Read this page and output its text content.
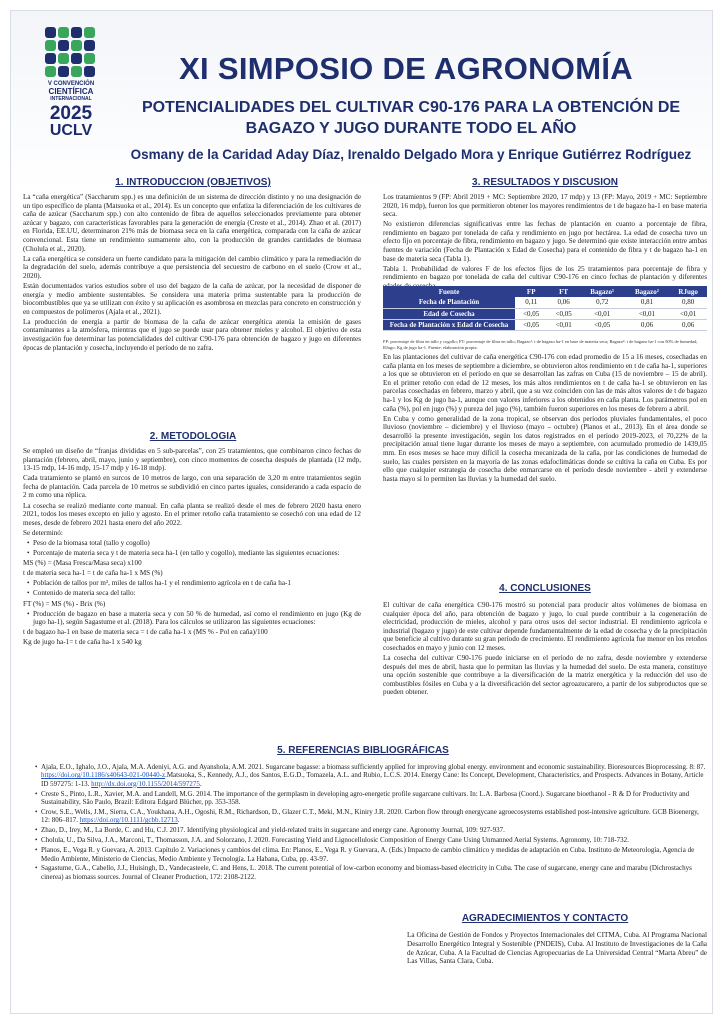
V CONVENCIÓN
CIENTÍFICA
INTERNACIONAL
2025
UCLV
XI SIMPOSIO DE AGRONOMÍA
POTENCIALIDADES DEL CULTIVAR C90-176 PARA LA OBTENCIÓN DE
BAGAZO Y JUGO DURANTE TODO EL AÑO
Osmany de la Caridad Aday Díaz, Irenaldo Delgado Mora y Enrique Gutiérrez Rodríguez
1. INTRODUCCION (OBJETIVOS)

La “caña energética” (Saccharum spp.) es una definición de un sistema de dirección distinto y no una designación de un tipo específico de planta (Matsuoka et al., 2014). Es un concepto que enfatiza la diferenciación de los cultivares de caña de azúcar (Saccharum spp.) con alto contenido de fibra de aquellos seleccionados previamente para obtener azúcar y bagazo, con características favorables para la generación de energía (Creste et al., 2014). Zhao et al. (2017) en Florida, EE.UU, determinaron 21% más de biomasa seca en la caña energética, comparada con la caña de azúcar convencional. Esta tiene un rendimiento sumamente alto, con la producción de grandes cantidades de biomasa (Cholula et al., 2020).

La caña energética se considera un fuerte candidato para la mitigación del cambio climático y para la remediación de la degradación del suelo, además contribuye a que persistencia del secuestro de carbono en el suelo (Crow et al., 2020).

Están documentados varios estudios sobre el uso del bagazo de la caña de azúcar, por la necesidad de disponer de energía y medio ambiente sustentables. Se considera una materia prima sustentable para la producción de biocombustibles que ya se utilizan con éxito y su aplicación es asombrosa en mezclas para concreto en construcción y en compuestos de polímeros (Ajala et al., 2021).

La producción de energía a partir de biomasa de la caña de azúcar energética atenúa la emisión de gases contaminantes a la atmósfera, mientras que el jugo se puede usar para obtener mieles y alcohol. El objetivo de esta investigación fue determinar las potencialidades del cultivar C90-176 para obtención de bagazo y jugo en diferentes épocas de plantación y cosecha, incluyendo el período de no zafra.

2. METODOLOGIA

Se empleó un diseño de “franjas divididas en 5 sub-parcelas”, con 25 tratamientos, que combinaron cinco fechas de plantación (febrero, abril, mayo, junio y septiembre), con cinco momentos de cosecha después de plantada (12 mdp, 13-15 mdp, 14-16 mdp, 15-17 mdp y 16-18 mdp).

Cada tratamiento se plantó en surcos de 10 metros de largo, con una separación de 3,20 m entre tratamientos según fecha de plantación. Cada parcela de 10 metros se subdividió en cinco partes iguales, considerando a cada espacio de 2 m como una réplica.

La cosecha se realizó mediante corte manual. En caña planta se realizó desde el mes de febrero 2020 hasta enero 2021, todos los meses excepto en julio y agosto. En el primer retoño caña tratamiento se cosechó con una edad de 12 meses, desde de febrero 2021 hasta enero del año 2022.

Se determinó:

• Peso de la biomasa total (tallo y cogollo)
• Porcentaje de materia seca y t de materia seca ha-1 (en tallo y cogollo), mediante las siguientes ecuaciones:
MS (%) = (Masa Fresca/Masa seca) x100
t de materia seca ha-1 = t de caña ha-1 x MS (%)
• Población de tallos por m², miles de tallos ha-1 y el rendimiento agrícola en t de caña ha-1
• Contenido de materia seca del tallo:
FT (%) = MS (%) - Brix (%)
• Producción de bagazo en base a materia seca y con 50 % de humedad, así como el rendimiento en jugo (Kg de jugo ha-1), según Sagastume et al. (2018). Para los cálculos se utilizaron las siguientes ecuaciones:
t de bagazo ha-1 en base de materia seca = t de caña ha-1 x (MS % - Pol en caña)/100
Kg de jugo ha-1= t de caña ha-1 x 540 kg
3. RESULTADOS Y DISCUSION

Los tratamientos 9 (FP: Abril 2019 + MC: Septiembre 2020, 17 mdp) y 13 (FP: Mayo, 2019 + MC: Septiembre 2020, 16 mdp), fueron los que permitieron obtener los mayores rendimientos de t de bagazo ha-1 en base materia seca.

No existieron diferencias significativas entre las fechas de plantación en cuanto a porcentaje de fibra, rendimiento en bagazo por tonelada de caña y rendimiento en jugo por hectárea. La edad de cosecha tuvo un efecto fijo en porcentaje de fibra, rendimiento en bagazo y jugo. Se determinó que existe interacción entre ambas fuentes de variación (Fecha de Plantación x Edad de Cosecha) para el contenido de fibra y t de bagazo ha-1 en base de materia seca (Tabla 1).

Tabla 1. Probabilidad de valores F de los efectos fijos de los 25 tratamientos para porcentaje de fibra y rendimiento en bagazo por tonelada de caña del cultivar C90-176 en cinco fechas de plantación y diferentes

Fuente	FP	FT	Bagazo¹	Bagazo²	RJugo
Fecha de Plantación	0,11	0,06	0,72	0,81	0,80
Edad de Cosecha	<0,05	<0,05	<0,01	<0,01	<0,01
Fecha de Plantación x Edad de Cosecha	<0,05	<0,01	<0,05	0,06	0,06
FP: porcentaje de fibra en tallo y cogollo; FT: porcentaje de fibra en tallo; Bagazo¹: t de bagazo ha-1 en base de materia seca; Bagazo²: t de bagazo ha-1 con 50% de humedad, RJugo: Kg de jugo ha-1. Fuente: elaboración propia.

En las plantaciones del cultivar de caña energética C90-176 con edad promedio de 15 a 16 meses, cosechadas en caña planta en los meses de septiembre a diciembre, se obtuvieron altos rendimiento en t de caña ha-1, superiores a los que se obtuvieron en el período en que se desarrollan las zafras en Cuba (15 de noviembre – 15 de abril). En el primer retoño con edad de 12 meses, los más altos rendimientos en t de caña ha-1 se obtuvieron en las parcelas cosechadas en febrero, marzo y abril, que a su vez coinciden con las de más altos valores de t de bagazo ha-1 y los Kg de jugo ha-1, aunque con valores inferiores a los obtenidos en caña planta. Los parámetros pol en caña (%), pol en jugo (%) y pureza del jugo (%), también fueron superiores en los meses de febrero a abril.

En Cuba y como generalidad de la zona tropical, se observan dos períodos pluviales fundamentales, el poco lluvioso (noviembre – diciembre) y el lluvioso (mayo – octubre) (Planos et al., 2013). En el área donde se desarrolló la presente investigación, según los datos registrados en el período 2019-2023, el 70,22% de la precipitación anual tiene lugar durante los meses de mayo a septiembre, con acumulado promedio de 1439,05 mm. En esos meses se hace muy difícil la cosecha mecanizada de la caña, por las condiciones de humedad de suelo, las cuales persisten en la mayoría de las zonas edafoclimáticas donde se cultiva la caña en Cuba. Es por ello que cualquier estrategia de cosecha debe enmarcarse en el período desde noviembre - abril y extenderse hasta mayo si lo permiten las lluvias y la humedad del suelo.

4. CONCLUSIONES

El cultivar de caña energética C90-176 mostró su potencial para producir altos volúmenes de biomasa en cualquier época del año, para obtención de bagazo y jugo, lo cual puede contribuir a la cogeneración de electricidad, producción de mieles, alcohol y para otros usos del sector industrial. El rendimiento agrícola e industrial (bagazo y jugo) de este cultivar depende fundamentalmente de la edad de cosecha y de la precipitación que beneficie al cultivo durante su gran período de crecimiento. El rendimiento agrícola fue menor en los retoños cosechados en mayo y junio con 12 meses.

La cosecha del cultivar C90-176 puede iniciarse en el período de no zafra, desde noviembre y extenderse después del mes de abril, hasta que lo permitan las lluvias y la humedad del suelo. De esta manera, constituye una opción sostenible que contribuye a la diversificación de la matriz energética y la reducción del uso de combustibles fósiles en Cuba y a la diversificación del sector agroazucarero, a partir de los subproductos que se pueden obtener.

5. REFERENCIAS BIBLIOGRÁFICAS
• Ajala, E.O., Ighalo, J.O., Ajala, M.A. Adeniyi, A.G. and Ayanshola, A.M. 2021. Sugarcane bagasse: a biomass sufficiently applied for improving global energy. environment and economic sustainability. Bioresources Bioprocessing. 8: 87. https://doi.org/10.1186/s40643-021-00440-z.Matsuoka, S., Kennedy, A.J., dos Santos, E.G.D., Tomazela, A.L. and Rubio, L.C.S. 2014. Energy Cane: Its Concept, Development, Characteristics, and Prospects. Advances in Botany, Article ID 597275: 1-13. http://dx.doi.org/10.1155/2014/597275.
• Creste S., Pinto, L.R., Xavier, M.A. and Landell, M.G. 2014. The importance of the germplasm in developing agro-energetic profile sugarcane cultivars. In: L.A. Barbosa (Coord.). Sugarcane bioethanol - R & D for Productivity and Sustainability, São Paulo, Brazil: Editora Edgard Blücher, pp. 353-358.
• Crow, S.E., Wells, J.M., Sierra, C.A., Youkhana, A.H., Ogoshi, R.M., Richardson, D., Glazer C.T., Meki, M.N., Kiniry J.R. 2020. Carbon flow through energycane agroecosystems established post-intensive agriculture. GCB Bioenergy, 12: 806–817. https://doi.org/10.1111/gcbb.12713.
• Zhao, D., Irey, M., La Borde, C. and Hu, C.J. 2017. Identifying physiological and yield-related traits in sugarcane and energy cane. Agronomy Journal, 109: 927-937.
• Cholula, U., Da Silva, J.A., Marconi, T., Thomasson, J.A. and Solorzano, J. 2020. Forecasting Yield and Lignocellulosic Composition of Energy Cane Using Unmanned Aerial Systems. Agronomy, 10: 718-732.
• Planos, E., Vega R. y Guevara, A. 2013. Capítulo 2. Variaciones y cambios del clima. En: Planos, E., Vega R. y Guevara, A. (Eds.) Impacto de cambio climático y medidas de adaptación en Cuba. Instituto de Meteorología, Agencia de Medio Ambiente, Ministerio de Ciencias, Medio Ambiente y Tecnología. La Habana, Cuba, pp. 43-97.
• Sagastume, G.A., Cabello, J.J., Huisingh, D., Vandecasteele, C. and Hens, L. 2018. The current potential of low-carbon economy and biomass-based electricity in Cuba. The case of sugarcane, energy cane and marabu (Dichrostachys cinerea) as biomass sources. Journal of Cleaner Production, 172: 2108-2122.
AGRADECIMIENTOS Y CONTACTO
La Oficina de Gestión de Fondos y Proyectos Internacionales del CITMA, Cuba. Al Programa Nacional Desarrollo Energético Integral y Sostenible (PNDEIS), Cuba. Al Instituto de Investigaciones de la Caña de Azúcar, Cuba. A la Facultad de Ciencias Agropecuarias de La Universidad Central “Marta Abreu” de Las Villas, Santa Clara, Cuba.
